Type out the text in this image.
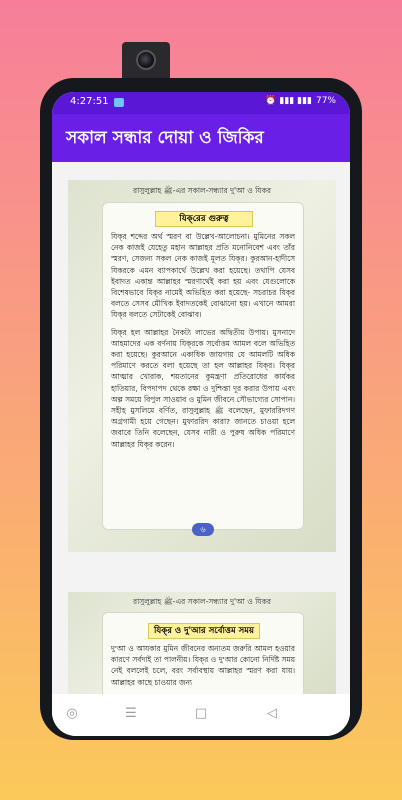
4:27:51	⏰ ▮▮▮ ▮▮▮ 77%
সকাল সন্ধার দোয়া ও জিকির
রাসুলুল্লাহ ﷺ-এর সকাল-সন্ধ্যার দু'আ ও যিকর
যিক্‌রের গুরুত্ব

যিক্‌র শব্দের অর্থ স্মরণ বা উল্লেখ-আলোচনা। মুমিনের সকল নেক কাজই যেহেতু মহান আল্লাহর প্রতি মনোনিবেশ এবং তাঁর স্মরণ, সেজন্য সকল নেক কাজই মূলত যিক্‌র। কুরআন-হাদীসে যিকরকে এমন ব্যাপকার্থে উল্লেখ করা হয়েছে। তথাপি যেসব ইবাদত একান্ত আল্লাহর স্মরণার্থেই করা হয় এবং যেগুলোকে বিশেষভাবে যিক্‌র নামেই অভিহিত করা হয়েছে- সচরাচর যিক্‌র বলতে সেসব মৌখিক ইবাদতকেই বোঝানো হয়। এখানে আমরা যিক্‌র বলতে সেটাকেই বোঝাব।

যিক্‌র হল আল্লাহর নৈকট্য লাভের অদ্বিতীয় উপায়। মুসনাদে আহমাদের এক বর্ণনায় যিক্‌রকে সর্বোত্তম আমল বলে অভিহিত করা হয়েছে। কুরআনে একাধিক জায়গায় যে আমলটি অধিক পরিমাণে করতে বলা হয়েছে তা হল আল্লাহর যিক্‌র। যিক্‌র আত্মার খোরাক, শয়তানের কুমন্ত্রণা প্রতিরোধের কার্যকর হাতিয়ার, বিপদাপদ থেকে রক্ষা ও দুশ্চিন্তা দূর করার উপায় এবং অল্প সময়ে বিপুল সাওয়াব ও মুমিন জীবনে সৌভাগ্যের সোপান। সহীহ মুসলিমে বর্ণিত, রাসুলুল্লাহ ﷺ বলেছেন, মুফাররিদগণ অগ্রগামী হয়ে গেছেন। মুফাররিদ কারা? জানতে চাওয়া হলে জবাবে তিনি বলেছেন, যেসব নারী ও পুরুষ অধিক পরিমাণে আল্লাহর যিক্‌র করেন।

৬
রাসুলুল্লাহ ﷺ-এর সকাল-সন্ধ্যার দু'আ ও যিকর
যিক্‌র ও দু'আর সর্বোত্তম সময়

দু'আ ও আযকার মুমিন জীবনের অন্যতম জরুরি আমল হওয়ার কারণে সর্বদাই তা পালনীয়। যিক্‌র ও দু'আর কোনো নির্দিষ্ট সময় নেই বললেই চলে, বরং সর্বাবস্থায় আল্লাহর স্মরণ করা যায়। আল্লাহর কাছে চাওয়ার জন্য

◎	☰	□	◁
